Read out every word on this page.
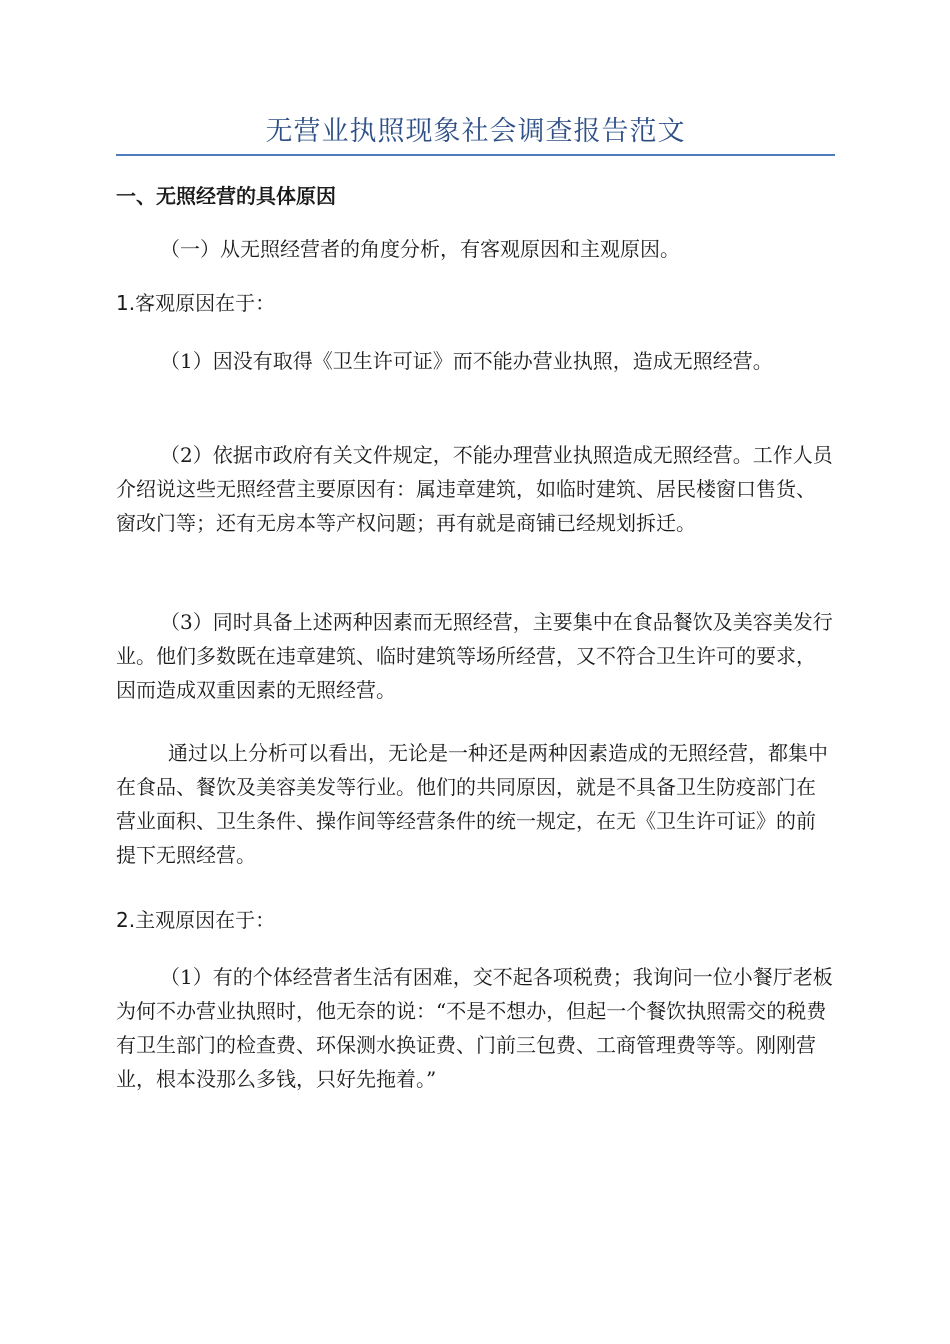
无营业执照现象社会调查报告范文

一、无照经营的具体原因

（一）从无照经营者的角度分析，有客观原因和主观原因。

1.客观原因在于：

（1）因没有取得《卫生许可证》而不能办营业执照，造成无照经营。

（2）依据市政府有关文件规定，不能办理营业执照造成无照经营。工作人员介绍说这些无照经营主要原因有：属违章建筑，如临时建筑、居民楼窗口售货、窗改门等；还有无房本等产权问题；再有就是商铺已经规划拆迁。

（3）同时具备上述两种因素而无照经营，主要集中在食品餐饮及美容美发行业。他们多数既在违章建筑、临时建筑等场所经营，又不符合卫生许可的要求，因而造成双重因素的无照经营。

通过以上分析可以看出，无论是一种还是两种因素造成的无照经营，都集中在食品、餐饮及美容美发等行业。他们的共同原因，就是不具备卫生防疫部门在营业面积、卫生条件、操作间等经营条件的统一规定，在无《卫生许可证》的前提下无照经营。

2.主观原因在于：

（1）有的个体经营者生活有困难，交不起各项税费；我询问一位小餐厅老板为何不办营业执照时，他无奈的说：“不是不想办，但起一个餐饮执照需交的税费有卫生部门的检查费、环保测水换证费、门前三包费、工商管理费等等。刚刚营业，根本没那么多钱，只好先拖着。”
